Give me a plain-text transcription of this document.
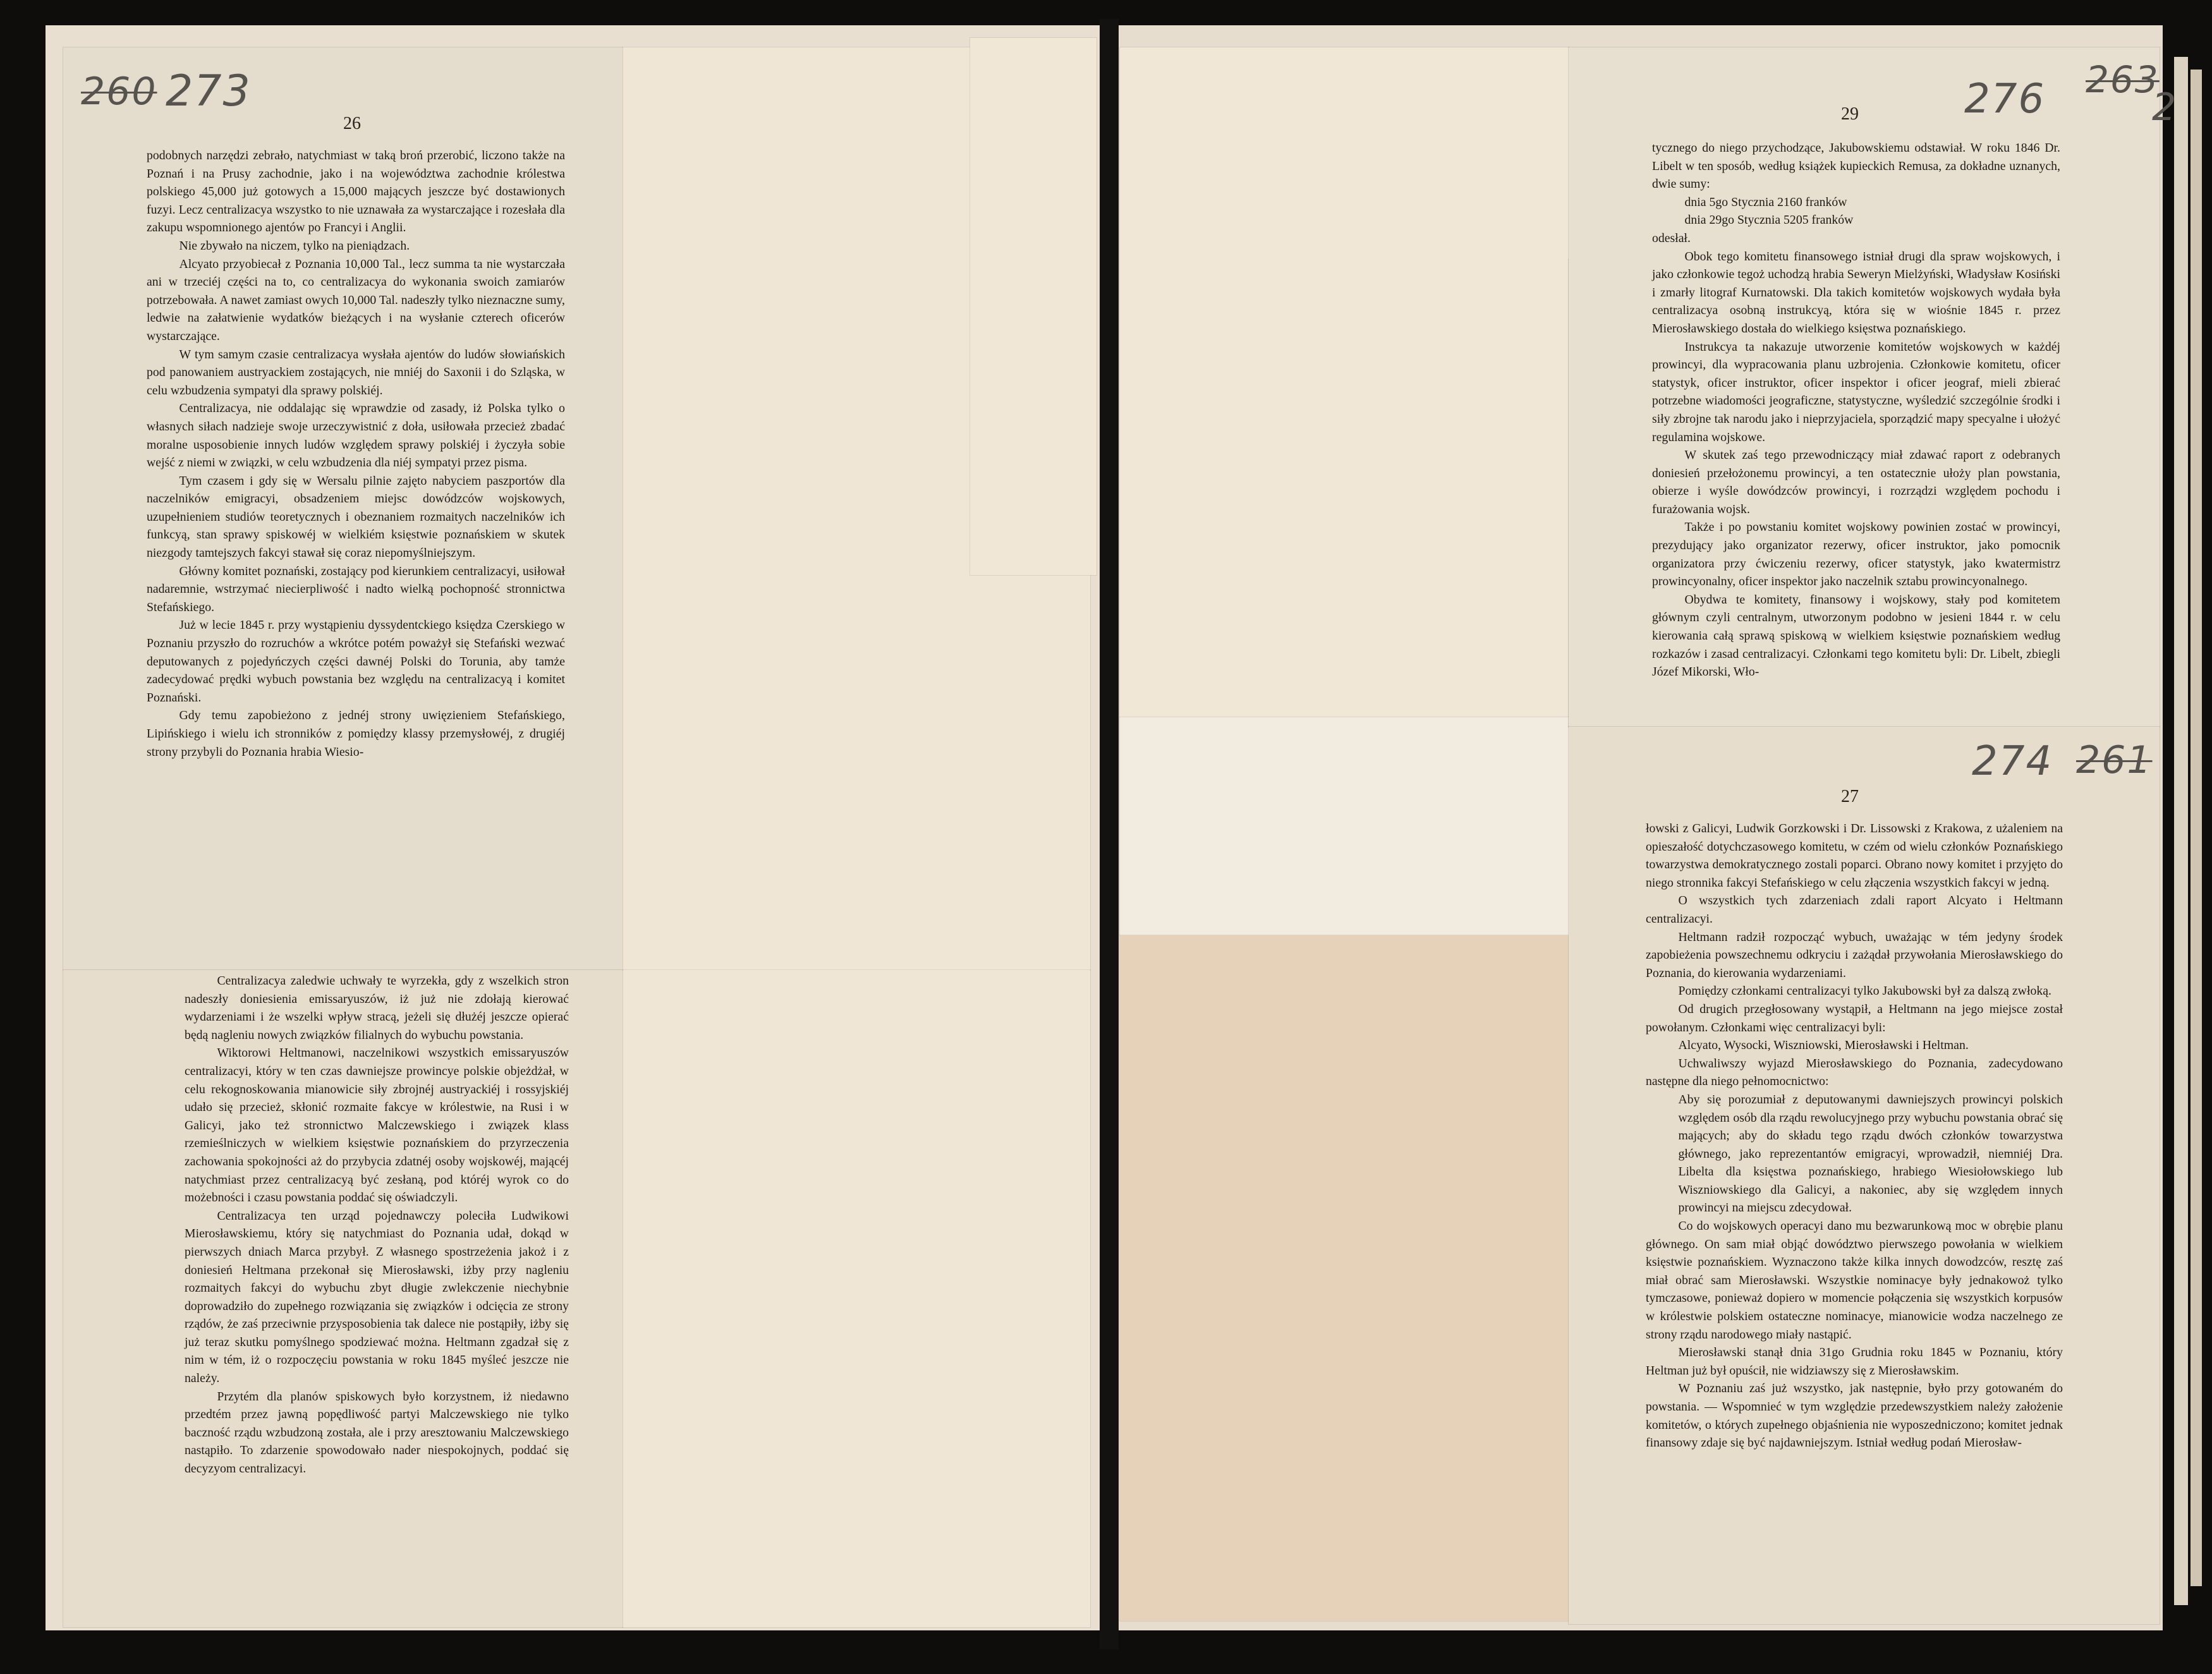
260 273
26

podobnych narzędzi zebrało, natychmiast w taką broń przerobić, liczono także na Poznań i na Prusy zachodnie, jako i na województwa zachodnie królestwa polskiego 45,000 już gotowych a 15,000 mających jeszcze być dostawionych fuzyi. Lecz centralizacya wszystko to nie uznawała za wystarczające i rozesłała dla zakupu wspomnionego ajentów po Francyi i Anglii.

Nie zbywało na niczem, tylko na pieniądzach.

Alcyato przyobiecał z Poznania 10,000 Tal., lecz summa ta nie wystarczała ani w trzeciéj części na to, co centralizacya do wykonania swoich zamiarów potrzebowała. A nawet zamiast owych 10,000 Tal. nadeszły tylko nieznaczne sumy, ledwie na załatwienie wydatków bieżących i na wysłanie czterech oficerów wystarczające.

W tym samym czasie centralizacya wysłała ajentów do ludów słowiańskich pod panowaniem austryackiem zostających, nie mniéj do Saxonii i do Szląska, w celu wzbudzenia sympatyi dla sprawy polskiéj.

Centralizacya, nie oddalając się wprawdzie od zasady, iż Polska tylko o własnych siłach nadzieje swoje urzeczywistnić z doła, usiłowała przecież zbadać moralne usposobienie innych ludów względem sprawy polskiéj i życzyła sobie wejść z niemi w związki, w celu wzbudzenia dla niéj sympatyi przez pisma.

Tym czasem i gdy się w Wersalu pilnie zajęto nabyciem paszportów dla naczelników emigracyi, obsadzeniem miejsc dowódzców wojskowych, uzupełnieniem studiów teoretycznych i obeznaniem rozmaitych naczelników ich funkcyą, stan sprawy spiskowéj w wielkiém księstwie poznańskiem w skutek niezgody tamtejszych fakcyi stawał się coraz niepomyślniejszym.

Główny komitet poznański, zostający pod kierunkiem centralizacyi, usiłował nadaremnie, wstrzymać niecierpliwość i nadto wielką pochopność stronnictwa Stefańskiego.

Już w lecie 1845 r. przy wystąpieniu dyssydentckiego księdza Czerskiego w Poznaniu przyszło do rozruchów a wkrótce potém poważył się Stefański wezwać deputowanych z pojedyńczych części dawnéj Polski do Torunia, aby tamże zadecydować prędki wybuch powstania bez względu na centralizacyą i komitet Poznański.

Gdy temu zapobieżono z jednéj strony uwięzieniem Stefańskiego, Lipińskiego i wielu ich stronników z pomiędzy klassy przemysłowéj, z drugiéj strony przybyli do Poznania hrabia Wiesio-

Centralizacya zaledwie uchwały te wyrzekła, gdy z wszelkich stron nadeszły doniesienia emissaryuszów, iż już nie zdołają kierować wydarzeniami i że wszelki wpływ stracą, jeżeli się dłużéj jeszcze opierać będą nagleniu nowych związków filialnych do wybuchu powstania.

Wiktorowi Heltmanowi, naczelnikowi wszystkich emissaryuszów centralizacyi, który w ten czas dawniejsze prowincye polskie objeżdżał, w celu rekognoskowania mianowicie siły zbrojnéj austryackiéj i rossyjskiéj udało się przecież, skłonić rozmaite fakcye w królestwie, na Rusi i w Galicyi, jako też stronnictwo Malczewskiego i związek klass rzemieślniczych w wielkiem księstwie poznańskiem do przyrzeczenia zachowania spokojności aż do przybycia zdatnéj osoby wojskowéj, mającéj natychmiast przez centralizacyą być zesłaną, pod któréj wyrok co do możebności i czasu powstania poddać się oświadczyli.

Centralizacya ten urząd pojednawczy poleciła Ludwikowi Mierosławskiemu, który się natychmiast do Poznania udał, dokąd w pierwszych dniach Marca przybył. Z własnego spostrzeżenia jakoż i z doniesień Heltmana przekonał się Mierosławski, iżby przy nagleniu rozmaitych fakcyi do wybuchu zbyt długie zwlekczenie niechybnie doprowadziło do zupełnego rozwiązania się związków i odcięcia ze strony rządów, że zaś przeciwnie przysposobienia tak dalece nie postąpiły, iżby się już teraz skutku pomyślnego spodziewać można. Heltmann zgadzał się z nim w tém, iż o rozpoczęciu powstania w roku 1845 myśleć jeszcze nie należy.

Przytém dla planów spiskowych było korzystnem, iż niedawno przedtém przez jawną popędliwość partyi Malczewskiego nie tylko baczność rządu wzbudzoną została, ale i przy aresztowaniu Malczewskiego nastąpiło. To zdarzenie spowodowało nader niespokojnych, poddać się decyzyom centralizacyi.

29	276 263
2

tycznego do niego przychodzące, Jakubowskiemu odstawiał. W roku 1846 Dr. Libelt w ten sposób, według książek kupieckich Remusa, za dokładne uznanych, dwie sumy:

dnia 5go Stycznia 2160 franków

dnia 29go Stycznia 5205 franków

odesłał.

Obok tego komitetu finansowego istniał drugi dla spraw wojskowych, i jako członkowie tegoż uchodzą hrabia Seweryn Mielżyński, Władysław Kosiński i zmarły litograf Kurnatowski. Dla takich komitetów wojskowych wydała była centralizacya osobną instrukcyą, która się w wiośnie 1845 r. przez Mierosławskiego dostała do wielkiego księstwa poznańskiego.

Instrukcya ta nakazuje utworzenie komitetów wojskowych w każdéj prowincyi, dla wypracowania planu uzbrojenia. Członkowie komitetu, oficer statystyk, oficer instruktor, oficer inspektor i oficer jeograf, mieli zbierać potrzebne wiadomości jeograficzne, statystyczne, wyśledzić szczególnie środki i siły zbrojne tak narodu jako i nieprzyjaciela, sporządzić mapy specyalne i ułożyć regulamina wojskowe.

W skutek zaś tego przewodniczący miał zdawać raport z odebranych doniesień przełożonemu prowincyi, a ten ostatecznie ułoży plan powstania, obierze i wyśle dowódzców prowincyi, i rozrządzi względem pochodu i furażowania wojsk.

Także i po powstaniu komitet wojskowy powinien zostać w prowincyi, prezydujący jako organizator rezerwy, oficer instruktor, jako pomocnik organizatora przy ćwiczeniu rezerwy, oficer statystyk, jako kwatermistrz prowincyonalny, oficer inspektor jako naczelnik sztabu prowincyonalnego.

Obydwa te komitety, finansowy i wojskowy, stały pod komitetem głównym czyli centralnym, utworzonym podobno w jesieni 1844 r. w celu kierowania całą sprawą spiskową w wielkiem księstwie poznańskiem według rozkazów i zasad centralizacyi. Członkami tego komitetu byli: Dr. Libelt, zbiegli Józef Mikorski, Wło-

274 261
27

łowski z Galicyi, Ludwik Gorzkowski i Dr. Lissowski z Krakowa, z użaleniem na opieszałość dotychczasowego komitetu, w czém od wielu członków Poznańskiego towarzystwa demokratycznego zostali poparci. Obrano nowy komitet i przyjęto do niego stronnika fakcyi Stefańskiego w celu złączenia wszystkich fakcyi w jedną.

O wszystkich tych zdarzeniach zdali raport Alcyato i Heltmann centralizacyi.

Heltmann radził rozpocząć wybuch, uważając w tém jedyny środek zapobieżenia powszechnemu odkryciu i zażądał przywołania Mierosławskiego do Poznania, do kierowania wydarzeniami.

Pomiędzy członkami centralizacyi tylko Jakubowski był za dalszą zwłoką.

Od drugich przegłosowany wystąpił, a Heltmann na jego miejsce został powołanym. Członkami więc centralizacyi byli:

Alcyato, Wysocki, Wiszniowski, Mierosławski i Heltman.

Uchwaliwszy wyjazd Mierosławskiego do Poznania, zadecydowano następne dla niego pełnomocnictwo:

Aby się porozumiał z deputowanymi dawniejszych prowincyi polskich względem osób dla rządu rewolucyjnego przy wybuchu powstania obrać się mających; aby do składu tego rządu dwóch członków towarzystwa głównego, jako reprezentantów emigracyi, wprowadził, niemniéj Dra. Libelta dla księstwa poznańskiego, hrabiego Wiesiołowskiego lub Wiszniowskiego dla Galicyi, a nakoniec, aby się względem innych prowincyi na miejscu zdecydował.

Co do wojskowych operacyi dano mu bezwarunkową moc w obrębie planu głównego. On sam miał objąć dowództwo pierwszego powołania w wielkiem księstwie poznańskiem. Wyznaczono także kilka innych dowodzców, resztę zaś miał obrać sam Mierosławski. Wszystkie nominacye były jednakowoż tylko tymczasowe, ponieważ dopiero w momencie połączenia się wszystkich korpusów w królestwie polskiem ostateczne nominacye, mianowicie wodza naczelnego ze strony rządu narodowego miały nastąpić.

Mierosławski stanął dnia 31go Grudnia roku 1845 w Poznaniu, który Heltman już był opuścił, nie widziawszy się z Mierosławskim.

W Poznaniu zaś już wszystko, jak następnie, było przy gotowaném do powstania. — Wspomnieć w tym względzie przedewszystkiem należy założenie komitetów, o których zupełnego objaśnienia nie wyposzedniczono; komitet jednak finansowy zdaje się być najdawniejszym. Istniał według podań Mierosław-
